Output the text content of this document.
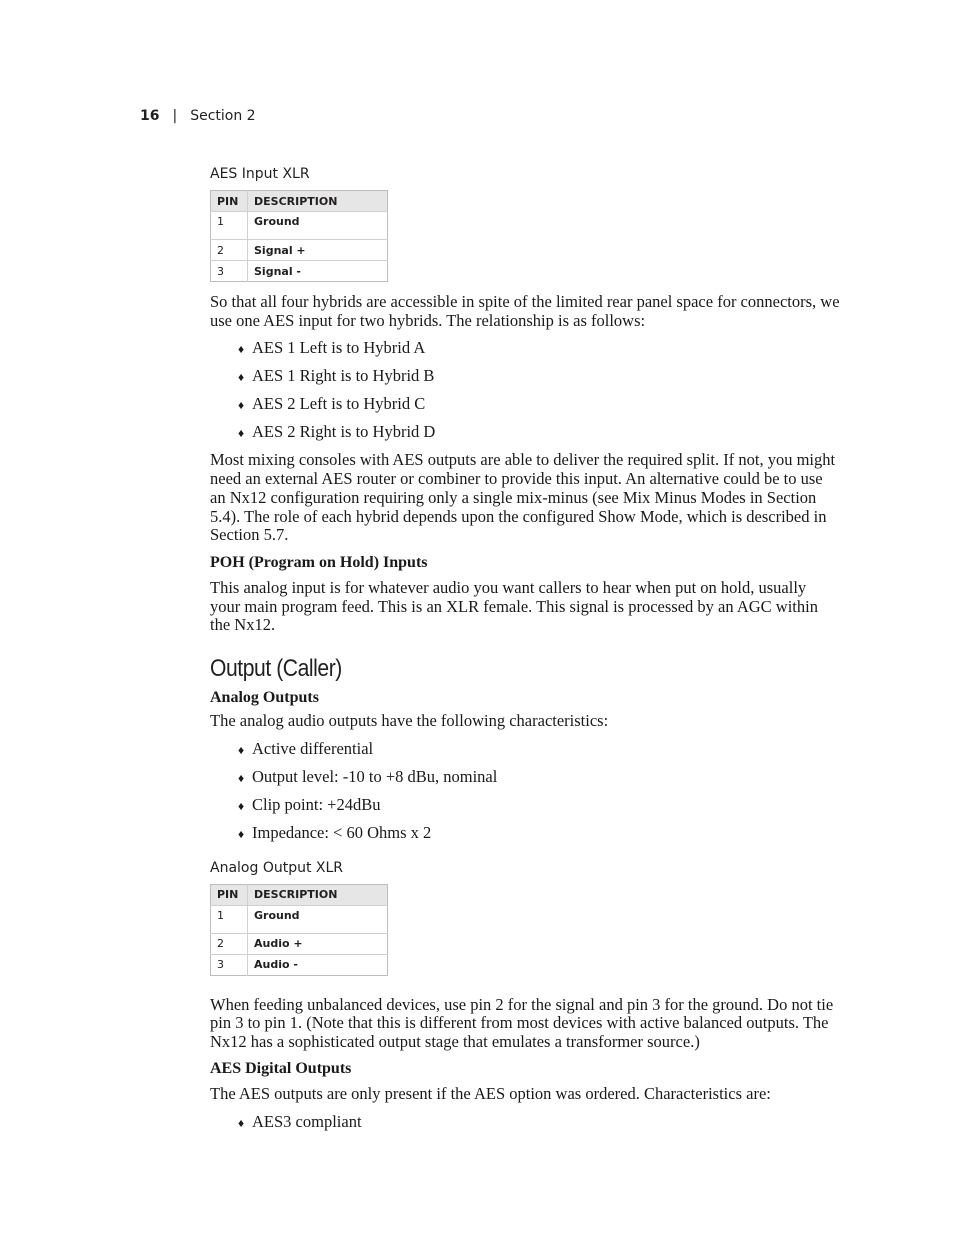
16 | Section 2
AES Input XLR
PIN	DESCRIPTION
1	Ground
2	Signal +
3	Signal -

So that all four hybrids are accessible in spite of the limited rear panel space for connectors, we use one AES input for two hybrids. The relationship is as follows:

♦ AES 1 Left is to Hybrid A
♦ AES 1 Right is to Hybrid B
♦ AES 2 Left is to Hybrid C
♦ AES 2 Right is to Hybrid D

Most mixing consoles with AES outputs are able to deliver the required split. If not, you might need an external AES router or combiner to provide this input. An alternative could be to use an Nx12 configuration requiring only a single mix-minus (see Mix Minus Modes in Section 5.4). The role of each hybrid depends upon the configured Show Mode, which is described in Section 5.7.

POH (Program on Hold) Inputs

This analog input is for whatever audio you want callers to hear when put on hold, usually your main program feed. This is an XLR female. This signal is processed by an AGC within the Nx12.

Output (Caller)
Analog Outputs

The analog audio outputs have the following characteristics:

♦ Active differential
♦ Output level: -10 to +8 dBu, nominal
♦ Clip point: +24dBu
♦ Impedance: < 60 Ohms x 2
Analog Output XLR
PIN	DESCRIPTION
1	Ground
2	Audio +
3	Audio -

When feeding unbalanced devices, use pin 2 for the signal and pin 3 for the ground. Do not tie pin 3 to pin 1. (Note that this is different from most devices with active balanced outputs. The Nx12 has a sophisticated output stage that emulates a transformer source.)

AES Digital Outputs

The AES outputs are only present if the AES option was ordered. Characteristics are:

♦ AES3 compliant
